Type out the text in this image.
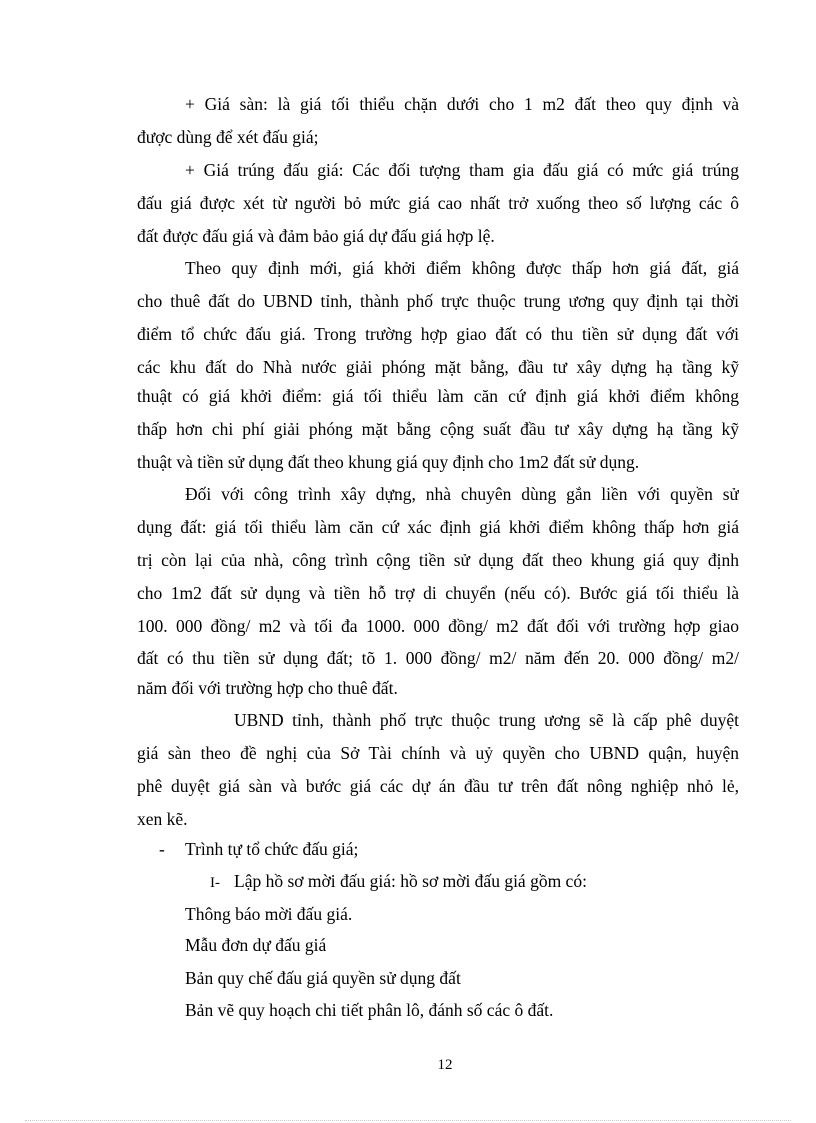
+ Giá sàn: là giá tối thiểu chặn dưới cho 1 m2 đất theo quy định và
được dùng để xét đấu giá;
+ Giá trúng đấu giá: Các đối tượng tham gia đấu giá có mức giá trúng
đấu giá được xét từ người bỏ mức giá cao nhất trở xuống theo số lượng các ô
đất được đấu giá và đảm bảo giá dự đấu giá hợp lệ.
Theo quy định mới, giá khởi điểm không được thấp hơn giá đất, giá
cho thuê đất do UBND tỉnh, thành phố trực thuộc trung ương quy định tại thời
điểm tổ chức đấu giá. Trong trường hợp giao đất có thu tiền sử dụng đất với
các khu đất do Nhà nước giải phóng mặt bằng, đầu tư xây dựng hạ tầng kỹ
thuật có giá khởi điểm: giá tối thiểu làm căn cứ định giá khởi điểm không
thấp hơn chi phí giải phóng mặt bằng cộng suất đầu tư xây dựng hạ tầng kỹ
thuật và tiền sử dụng đất theo khung giá quy định cho 1m2 đất sử dụng.
Đối với công trình xây dựng, nhà chuyên dùng gắn liền với quyền sử
dụng đất: giá tối thiểu làm căn cứ xác định giá khởi điểm không thấp hơn giá
trị còn lại của nhà, công trình cộng tiền sử dụng đất theo khung giá quy định
cho 1m2 đất sử dụng và tiền hỗ trợ di chuyển (nếu có). Bước giá tối thiểu là
100. 000 đồng/ m2 và tối đa 1000. 000 đồng/ m2 đất đối với trường hợp giao
đất có thu tiền sử dụng đất; tõ 1. 000 đồng/ m2/ năm đến 20. 000 đồng/ m2/
năm đối với trường hợp cho thuê đất.
UBND tỉnh, thành phố trực thuộc trung ương sẽ là cấp phê duyệt
giá sàn theo đề nghị của Sở Tài chính và uỷ quyền cho UBND quận, huyện
phê duyệt giá sàn và bước giá các dự án đầu tư trên đất nông nghiệp nhỏ lẻ,
xen kẽ.
- Trình tự tổ chức đấu giá;
I- Lập hồ sơ mời đấu giá: hồ sơ mời đấu giá gồm có:
Thông báo mời đấu giá.
Mẫu đơn dự đấu giá
Bản quy chế đấu giá quyền sử dụng đất
Bản vẽ quy hoạch chi tiết phân lô, đánh số các ô đất.
12
